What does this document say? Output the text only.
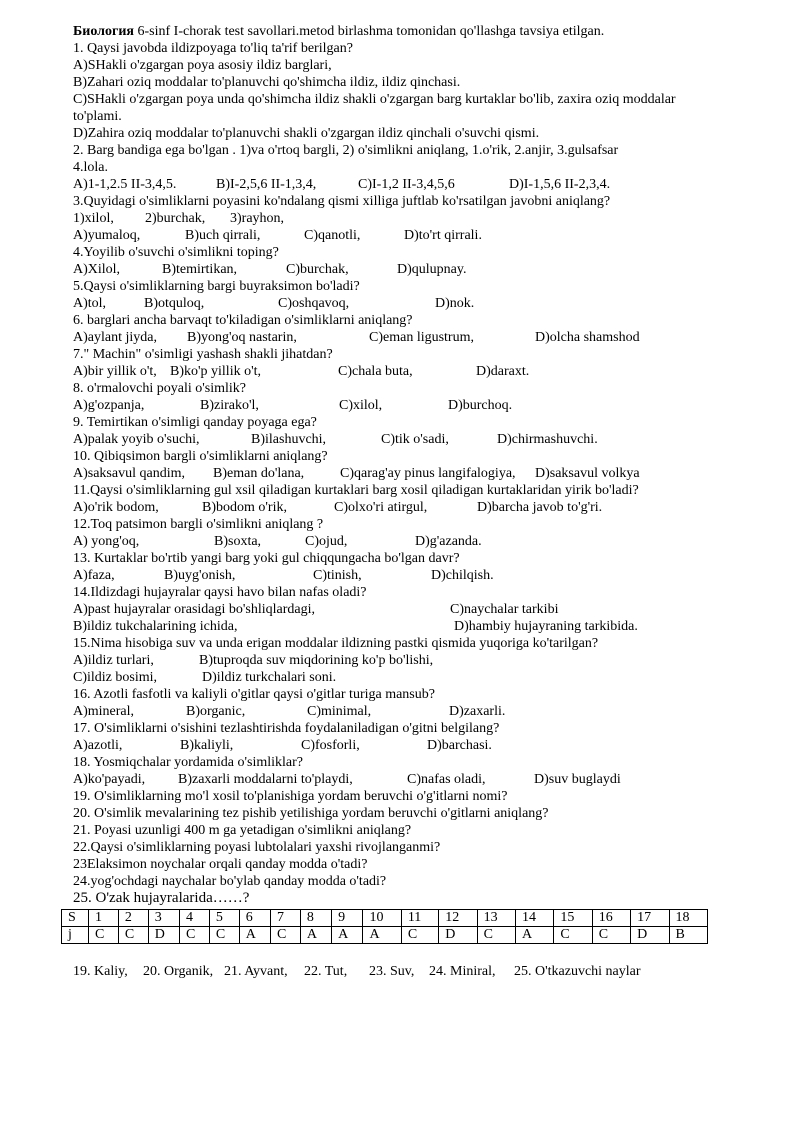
Биология 6-sinf I-chorak test savollari.metod birlashma tomonidan qo'llashga tavsiya etilgan.
1. Qaysi javobda ildizpoyaga to'liq ta'rif berilgan?
A)SHakli o'zgargan poya asosiy ildiz barglari,
B)Zahari oziq moddalar to'planuvchi qo'shimcha ildiz, ildiz qinchasi.
C)SHakli o'zgargan poya unda qo'shimcha ildiz shakli o'zgargan barg kurtaklar bo'lib, zaxira oziq moddalar
to'plami.
D)Zahira oziq moddalar to'planuvchi shakli o'zgargan ildiz qinchali o'suvchi qismi.
2. Barg bandiga ega bo'lgan . 1)va o'rtoq bargli, 2) o'simlikni aniqlang, 1.o'rik, 2.anjir, 3.gulsafsar
4.lola.
A)1-1,2.5 II-3,4,5.	B)I-2,5,6 II-1,3,4,	C)I-1,2 II-3,4,5,6	D)I-1,5,6 II-2,3,4.
3.Quyidagi o'simliklarni poyasini ko'ndalang qismi xilliga juftlab ko'rsatilgan javobni aniqlang?
1)xilol, 2)burchak, 3)rayhon,
A)yumaloq,	B)uch qirrali,	C)qanotli,	D)to'rt qirrali.
4.Yoyilib o'suvchi o'simlikni toping?
A)Xilol,	B)temirtikan,	C)burchak,	D)qulupnay.
5.Qaysi o'simliklarning bargi buyraksimon bo'ladi?
A)tol,	B)otquloq,	C)oshqavoq,	D)nok.
6. barglari ancha barvaqt to'kiladigan o'simliklarni aniqlang?
A)aylant jiyda, B)yong'oq nastarin,	C)eman ligustrum,	D)olcha shamshod
7." Machin" o'simligi yashash shakli jihatdan?
A)bir yillik o't, B)ko'p yillik o't,	C)chala buta,	D)daraxt.
8. o'rmalovchi poyali o'simlik?
A)g'ozpanja,	B)zirako'l,	C)xilol,	D)burchoq.
9. Temirtikan o'simligi qanday poyaga ega?
A)palak yoyib o'suchi,	B)ilashuvchi,	C)tik o'sadi,	D)chirmashuvchi.
10. Qibiqsimon bargli o'simliklarni aniqlang?
A)saksavul qandim, B)eman do'lana,	C)qarag'ay pinus langifalogiya, D)saksavul volkya
11.Qaysi o'simliklarning gul xsil qiladigan kurtaklari barg xosil qiladigan kurtaklaridan yirik bo'ladi?
A)o'rik bodom,	B)bodom o'rik,	C)olxo'ri atirgul,	D)barcha javob to'g'ri.
12.Toq patsimon bargli o'simlikni aniqlang ?
A) yong'oq,	B)soxta,	C)ojud,	D)g'azanda.
13. Kurtaklar bo'rtib yangi barg yoki gul chiqqungacha bo'lgan davr?
A)faza,	B)uyg'onish,	C)tinish,	D)chilqish.
14.Ildizdagi hujayralar qaysi havo bilan nafas oladi?
A)past hujayralar orasidagi bo'shliqlardagi,	C)naychalar tarkibi
B)ildiz tukchalarining ichida,	D)hambiy hujayraning tarkibida.
15.Nima hisobiga suv va unda erigan moddalar ildizning pastki qismida yuqoriga ko'tarilgan?
A)ildiz turlari,	B)tuproqda suv miqdorining ko'p bo'lishi,
C)ildiz bosimi,	D)ildiz turkchalari soni.
16. Azotli fasfotli va kaliyli o'gitlar qaysi o'gitlar turiga mansub?
A)mineral,	B)organic,	C)minimal,	D)zaxarli.
17. O'simliklarni o'sishini tezlashtirishda foydalaniladigan o'gitni belgilang?
A)azotli,	B)kaliyli,	C)fosforli,	D)barchasi.
18. Yosmiqchalar yordamida o'simliklar?
A)ko'payadi, B)zaxarli moddalarni to'playdi,	C)nafas oladi,	D)suv buglaydi
19. O'simliklarning mo'l xosil to'planishiga yordam beruvchi o'g'itlarni nomi?
20. O'simlik mevalarining tez pishib yetilishiga yordam beruvchi o'gitlarni aniqlang?
21. Poyasi uzunligi 400 m ga yetadigan o'simlikni aniqlang?
22.Qaysi o'simliklarning poyasi lubtolalari yaxshi rivojlanganmi?
23Elaksimon noychalar orqali qanday modda o'tadi?
24.yog'ochdagi naychalar bo'ylab qanday modda o'tadi?
25. O'zak hujayralarida……?
S	1	2	3	4	5	6	7	8	9	10	11	12	13	14	15	16	17	18
j	C	C	D	C	C	A	C	A	A	A	C	D	C	A	C	C	D	B
19. Kaliy, 20. Organik, 21. Ayvant, 22. Tut, 23. Suv, 24. Miniral, 25. O'tkazuvchi naylar
